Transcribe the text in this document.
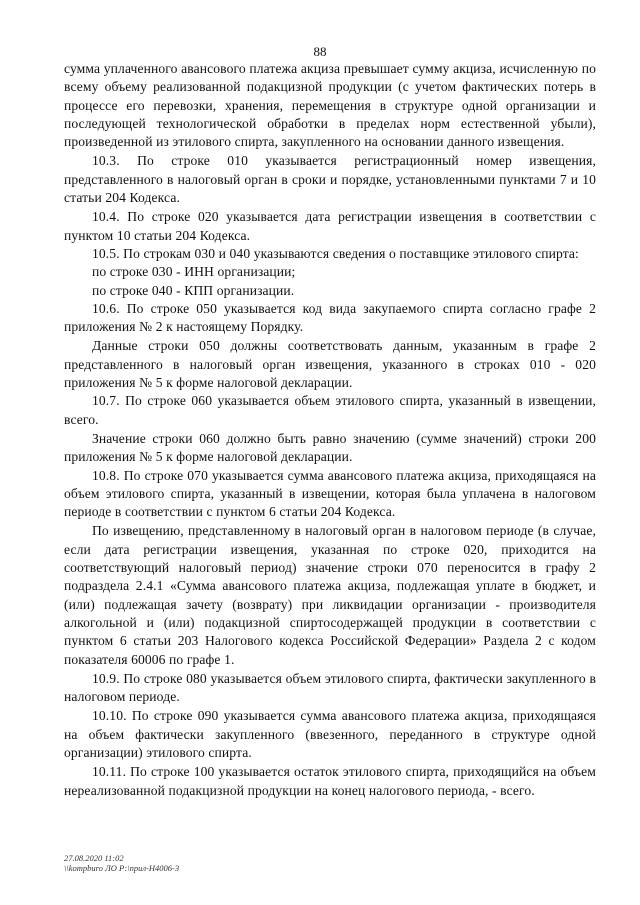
88

сумма уплаченного авансового платежа акциза превышает сумму акциза, исчисленную по всему объему реализованной подакцизной продукции (с учетом фактических потерь в процессе его перевозки, хранения, перемещения в структуре одной организации и последующей технологической обработки в пределах норм естественной убыли), произведенной из этилового спирта, закупленного на основании данного извещения.

10.3. По строке 010 указывается регистрационный номер извещения, представленного в налоговый орган в сроки и порядке, установленными пунктами 7 и 10 статьи 204 Кодекса.

10.4. По строке 020 указывается дата регистрации извещения в соответствии с пунктом 10 статьи 204 Кодекса.

10.5. По строкам 030 и 040 указываются сведения о поставщике этилового спирта:

по строке 030 - ИНН организации;

по строке 040 - КПП организации.

10.6. По строке 050 указывается код вида закупаемого спирта согласно графе 2 приложения № 2 к настоящему Порядку.

Данные строки 050 должны соответствовать данным, указанным в графе 2 представленного в налоговый орган извещения, указанного в строках 010 - 020 приложения № 5 к форме налоговой декларации.

10.7. По строке 060 указывается объем этилового спирта, указанный в извещении, всего.

Значение строки 060 должно быть равно значению (сумме значений) строки 200 приложения № 5 к форме налоговой декларации.

10.8. По строке 070 указывается сумма авансового платежа акциза, приходящаяся на объем этилового спирта, указанный в извещении, которая была уплачена в налоговом периоде в соответствии с пунктом 6 статьи 204 Кодекса.

По извещению, представленному в налоговый орган в налоговом периоде (в случае, если дата регистрации извещения, указанная по строке 020, приходится на соответствующий налоговый период) значение строки 070 переносится в графу 2 подраздела 2.4.1 «Сумма авансового платежа акциза, подлежащая уплате в бюджет, и (или) подлежащая зачету (возврату) при ликвидации организации - производителя алкогольной и (или) подакцизной спиртосодержащей продукции в соответствии с пунктом 6 статьи 203 Налогового кодекса Российской Федерации» Раздела 2 с кодом показателя 60006 по графе 1.

10.9. По строке 080 указывается объем этилового спирта, фактически закупленного в налоговом периоде.

10.10. По строке 090 указывается сумма авансового платежа акциза, приходящаяся на объем фактически закупленного (ввезенного, переданного в структуре одной организации) этилового спирта.

10.11. По строке 100 указывается остаток этилового спирта, приходящийся на объем нереализованной подакцизной продукции на конец налогового периода, - всего.

27.08.2020 11:02
\\kompburo ЛО Р:\прил-Н4006-3
